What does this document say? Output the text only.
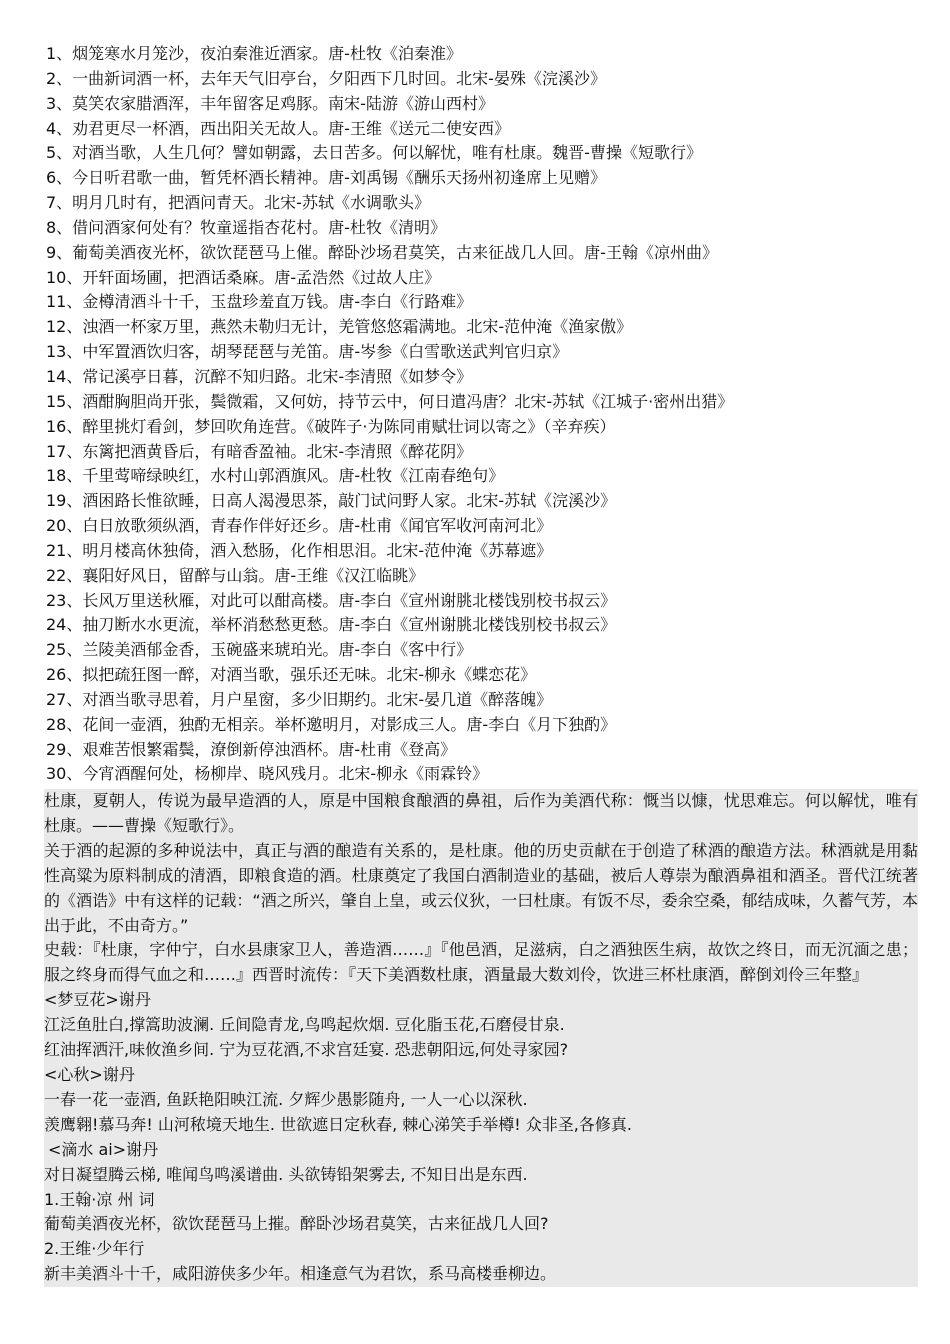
1、烟笼寒水月笼沙，夜泊秦淮近酒家。唐-杜牧《泊秦淮》
2、一曲新词酒一杯，去年天气旧亭台，夕阳西下几时回。北宋-晏殊《浣溪沙》
3、莫笑农家腊酒浑，丰年留客足鸡豚。南宋-陆游《游山西村》
4、劝君更尽一杯酒，西出阳关无故人。唐-王维《送元二使安西》
5、对酒当歌，人生几何？譬如朝露，去日苦多。何以解忧，唯有杜康。魏晋-曹操《短歌行》
6、今日听君歌一曲，暂凭杯酒长精神。唐-刘禹锡《酬乐天扬州初逢席上见赠》
7、明月几时有，把酒问青天。北宋-苏轼《水调歌头》
8、借问酒家何处有？牧童遥指杏花村。唐-杜牧《清明》
9、葡萄美酒夜光杯，欲饮琵琶马上催。醉卧沙场君莫笑，古来征战几人回。唐-王翰《凉州曲》
10、开轩面场圃，把酒话桑麻。唐-孟浩然《过故人庄》
11、金樽清酒斗十千，玉盘珍羞直万钱。唐-李白《行路难》
12、浊酒一杯家万里，燕然未勒归无计，羌管悠悠霜满地。北宋-范仲淹《渔家傲》
13、中军置酒饮归客，胡琴琵琶与羌笛。唐-岑参《白雪歌送武判官归京》
14、常记溪亭日暮，沉醉不知归路。北宋-李清照《如梦令》
15、酒酣胸胆尚开张，鬓微霜，又何妨，持节云中，何日遣冯唐？北宋-苏轼《江城子·密州出猎》
16、醉里挑灯看剑，梦回吹角连营。《破阵子·为陈同甫赋壮词以寄之》（辛弃疾）
17、东篱把酒黄昏后，有暗香盈袖。北宋-李清照《醉花阴》
18、千里莺啼绿映红，水村山郭酒旗风。唐-杜牧《江南春绝句》
19、酒困路长惟欲睡，日高人渴漫思茶，敲门试问野人家。北宋-苏轼《浣溪沙》
20、白日放歌须纵酒，青春作伴好还乡。唐-杜甫《闻官军收河南河北》
21、明月楼高休独倚，酒入愁肠，化作相思泪。北宋-范仲淹《苏幕遮》
22、襄阳好风日，留醉与山翁。唐-王维《汉江临眺》
23、长风万里送秋雁，对此可以酣高楼。唐-李白《宣州谢朓北楼饯别校书叔云》
24、抽刀断水水更流，举杯消愁愁更愁。唐-李白《宣州谢朓北楼饯别校书叔云》
25、兰陵美酒郁金香，玉碗盛来琥珀光。唐-李白《客中行》
26、拟把疏狂图一醉，对酒当歌，强乐还无味。北宋-柳永《蝶恋花》
27、对酒当歌寻思着，月户星窗，多少旧期约。北宋-晏几道《醉落魄》
28、花间一壶酒，独酌无相亲。举杯邀明月，对影成三人。唐-李白《月下独酌》
29、艰难苦恨繁霜鬓，潦倒新停浊酒杯。唐-杜甫《登高》
30、今宵酒醒何处，杨柳岸、晓风残月。北宋-柳永《雨霖铃》
杜康，夏朝人，传说为最早造酒的人，原是中国粮食酿酒的鼻祖，后作为美酒代称：慨当以慷，忧思难忘。何以解忧，唯有杜康。——曹操《短歌行》。
关于酒的起源的多种说法中，真正与酒的酿造有关系的，是杜康。他的历史贡献在于创造了秫酒的酿造方法。秫酒就是用黏性高粱为原料制成的清酒，即粮食造的酒。杜康奠定了我国白酒制造业的基础，被后人尊崇为酿酒鼻祖和酒圣。晋代江统著的《酒诰》中有这样的记载：“酒之所兴，肇自上皇，或云仪狄，一曰杜康。有饭不尽，委余空桑，郁结成味，久蓄气芳，本出于此，不由奇方。”
史载：『杜康，字仲宁，白水县康家卫人，善造酒……』『他邑酒，足滋病，白之酒独医生病，故饮之终日，而无沉湎之患；服之终身而得气血之和……』西晋时流传：『天下美酒数杜康，酒量最大数刘伶，饮进三杯杜康酒，醉倒刘伶三年整』
<梦豆花>谢丹
江泛鱼肚白,撑篙助波澜. 丘间隐青龙,鸟鸣起炊烟. 豆化脂玉花,石磨侵甘泉.
红油挥洒汗,味攸渔乡间. 宁为豆花酒,不求宫廷宴. 恐悲朝阳远,何处寻家园?
<心秋>谢丹
一春一花一壶酒, 鱼跃艳阳映江流. 夕辉少愚影随舟, 一人一心以深秋.
羡鹰翱!慕马奔! 山河秾境天地生. 世欲遮日定秋春, 棘心涕笑手举樽! 众非圣,各修真.
<滴水 ai>谢丹
对日凝望腾云梯, 唯闻鸟鸣溪谱曲. 头欲铸铅架雾去, 不知日出是东西.
1.王翰·凉 州 词
葡萄美酒夜光杯，欲饮琵琶马上摧。醉卧沙场君莫笑，古来征战几人回?
2.王维·少年行
新丰美酒斗十千，咸阳游侠多少年。相逢意气为君饮，系马高楼垂柳边。
